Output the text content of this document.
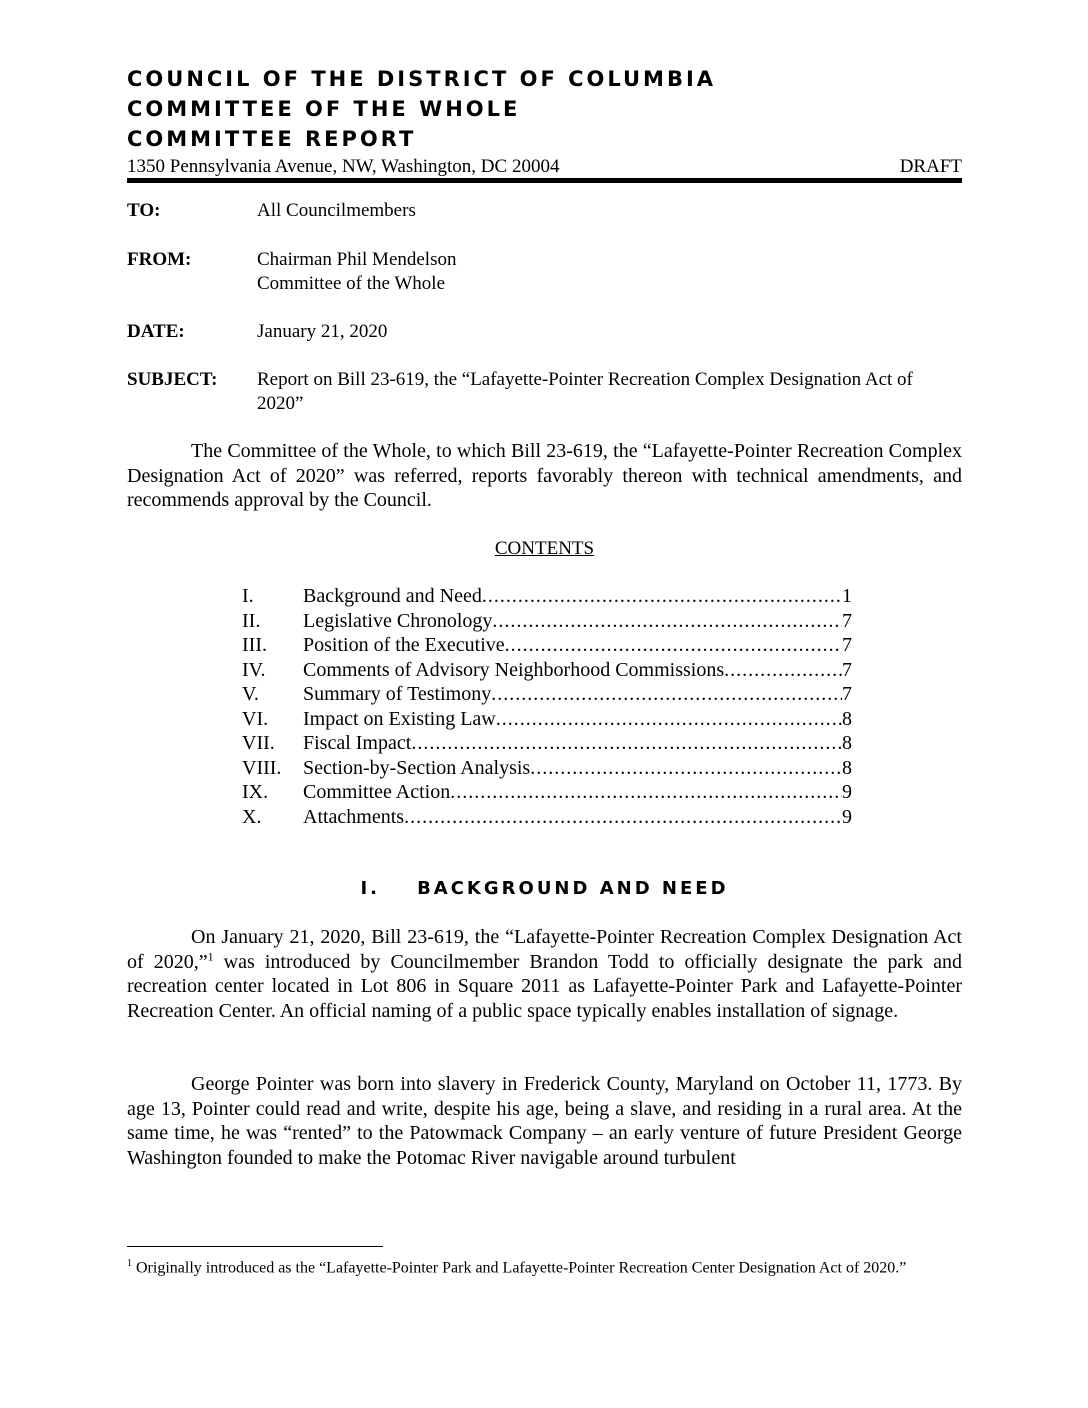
COUNCIL OF THE DISTRICT OF COLUMBIA
COMMITTEE OF THE WHOLE
COMMITTEE REPORT
1350 Pennsylvania Avenue, NW, Washington, DC 20004	DRAFT
TO:	All Councilmembers
FROM:	Chairman Phil Mendelson
Committee of the Whole
DATE:	January 21, 2020
SUBJECT: Report on Bill 23-619, the “Lafayette-Pointer Recreation Complex Designation Act of 2020”

The Committee of the Whole, to which Bill 23-619, the “Lafayette-Pointer Recreation Complex Designation Act of 2020” was referred, reports favorably thereon with technical amendments, and recommends approval by the Council.

CONTENTS
I. Background and Need .....	1
II. Legislative Chronology .....	7
III. Position of the Executive .....	7
IV. Comments of Advisory Neighborhood Commissions .....	7
V. Summary of Testimony .....	7
VI. Impact on Existing Law .....	8
VII. Fiscal Impact .....	8
VIII. Section-by-Section Analysis .....	8
IX. Committee Action .....	9
X. Attachments .....	9
I.    BACKGROUND AND NEED

On January 21, 2020, Bill 23-619, the “Lafayette-Pointer Recreation Complex Designation Act of 2020,”$^1$ was introduced by Councilmember Brandon Todd to officially designate the park and recreation center located in Lot 806 in Square 2011 as Lafayette-Pointer Park and Lafayette-Pointer Recreation Center. An official naming of a public space typically enables installation of signage.

George Pointer was born into slavery in Frederick County, Maryland on October 11, 1773. By age 13, Pointer could read and write, despite his age, being a slave, and residing in a rural area. At the same time, he was “rented” to the Patowmack Company – an early venture of future President George Washington founded to make the Potomac River navigable around turbulent

$^1$ Originally introduced as the “Lafayette-Pointer Park and Lafayette-Pointer Recreation Center Designation Act of 2020.”
